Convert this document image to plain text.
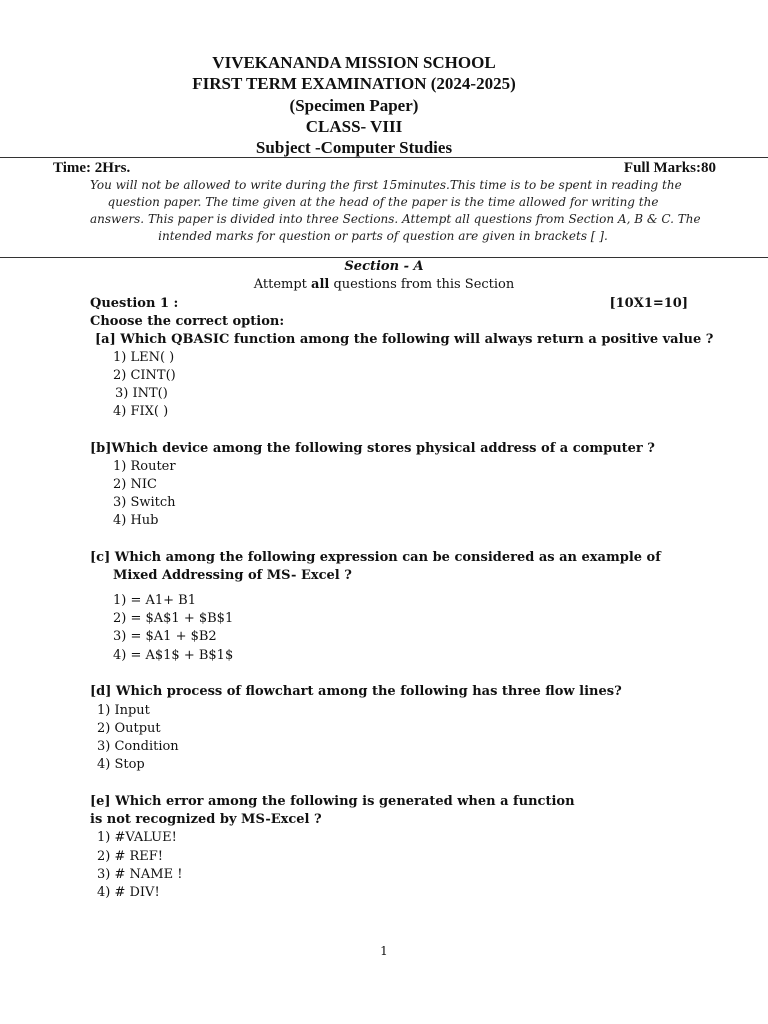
VIVEKANANDA MISSION SCHOOL
FIRST TERM EXAMINATION (2024-2025)
(Specimen Paper)
CLASS- VIII
Subject -Computer Studies
Time: 2Hrs.	Full Marks:80
You will not be allowed to write during the first 15minutes.This time is to be spent in reading the
question paper. The time given at the head of the paper is the time allowed for writing the
answers. This paper is divided into three Sections. Attempt all questions from Section A, B & C. The
intended marks for question or parts of question are given in brackets [ ].
Section - A
Attempt all questions from this Section
Question 1 :	[10X1=10]
Choose the correct option:
[a] Which QBASIC function among the following will always return a positive value ?
1) LEN( )
2) CINT()
3) INT()
4) FIX( )
[b]Which device among the following stores physical address of a computer ?
1) Router
2) NIC
3) Switch
4) Hub
[c] Which among the following expression can be considered as an example of
Mixed Addressing of MS- Excel ?
1) = A1+ B1
2) = $A$1 + $B$1
3) = $A1 + $B2
4) = A$1$ + B$1$
[d] Which process of flowchart among the following has three flow lines?
1) Input
2) Output
3) Condition
4) Stop
[e] Which error among the following is generated when a function
is not recognized by MS-Excel ?
1) #VALUE!
2) # REF!
3) # NAME !
4) # DIV!
1
